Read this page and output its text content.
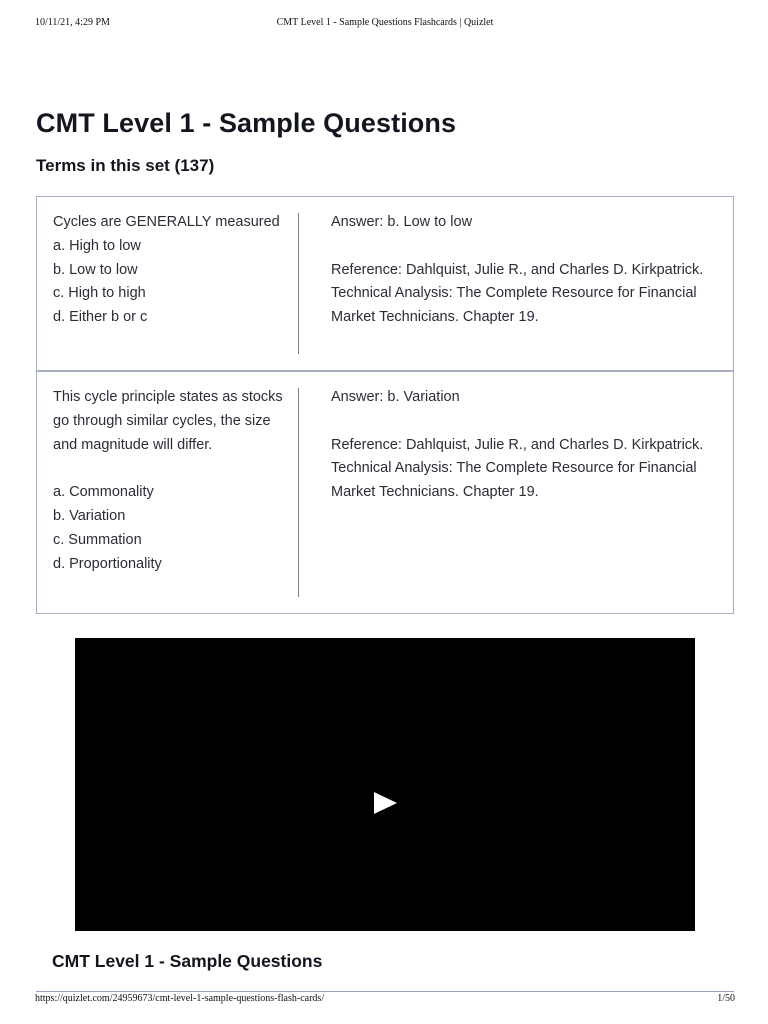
10/11/21, 4:29 PM	CMT Level 1 - Sample Questions Flashcards | Quizlet
CMT Level 1 - Sample Questions
Terms in this set (137)
Cycles are GENERALLY measured
a. High to low
b. Low to low
c. High to high
d. Either b or c
Answer: b. Low to low

Reference: Dahlquist, Julie R., and Charles D. Kirkpatrick. Technical Analysis: The Complete Resource for Financial Market Technicians. Chapter 19.
This cycle principle states as stocks go through similar cycles, the size and magnitude will differ.

a. Commonality
b. Variation
c. Summation
d. Proportionality
Answer: b. Variation

Reference: Dahlquist, Julie R., and Charles D. Kirkpatrick. Technical Analysis: The Complete Resource for Financial Market Technicians. Chapter 19.
CMT Level 1 - Sample Questions
https://quizlet.com/24959673/cmt-level-1-sample-questions-flash-cards/	1/50
